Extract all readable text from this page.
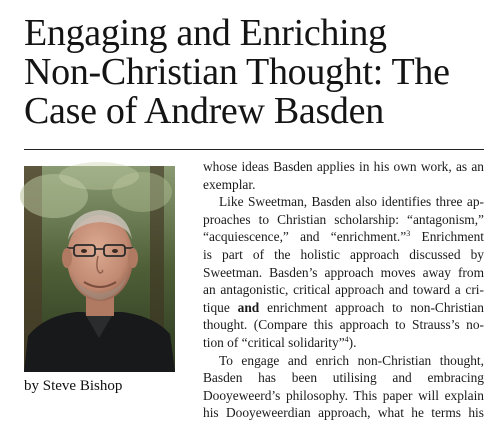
Engaging and Enriching
Non-Christian Thought: The
Case of Andrew Basden
by Steve Bishop
whose ideas Basden applies in his own work, as an
exemplar.
Like Sweetman, Basden also identifies three ap-
proaches to Christian scholarship: “antagonism,”
“acquiescence,” and “enrichment.”$^3$ Enrichment
is part of the holistic approach discussed by
Sweetman. Basden’s approach moves away from
an antagonistic, critical approach and toward a cri-
tique and enrichment approach to non-Christian
thought. (Compare this approach to Strauss’s no-
tion of “critical solidarity”$^4$).
To engage and enrich non-Christian thought,
Basden has been utilising and embracing
Dooyeweerd’s philosophy. This paper will explain
his Dooyeweerdian approach, what he terms his
